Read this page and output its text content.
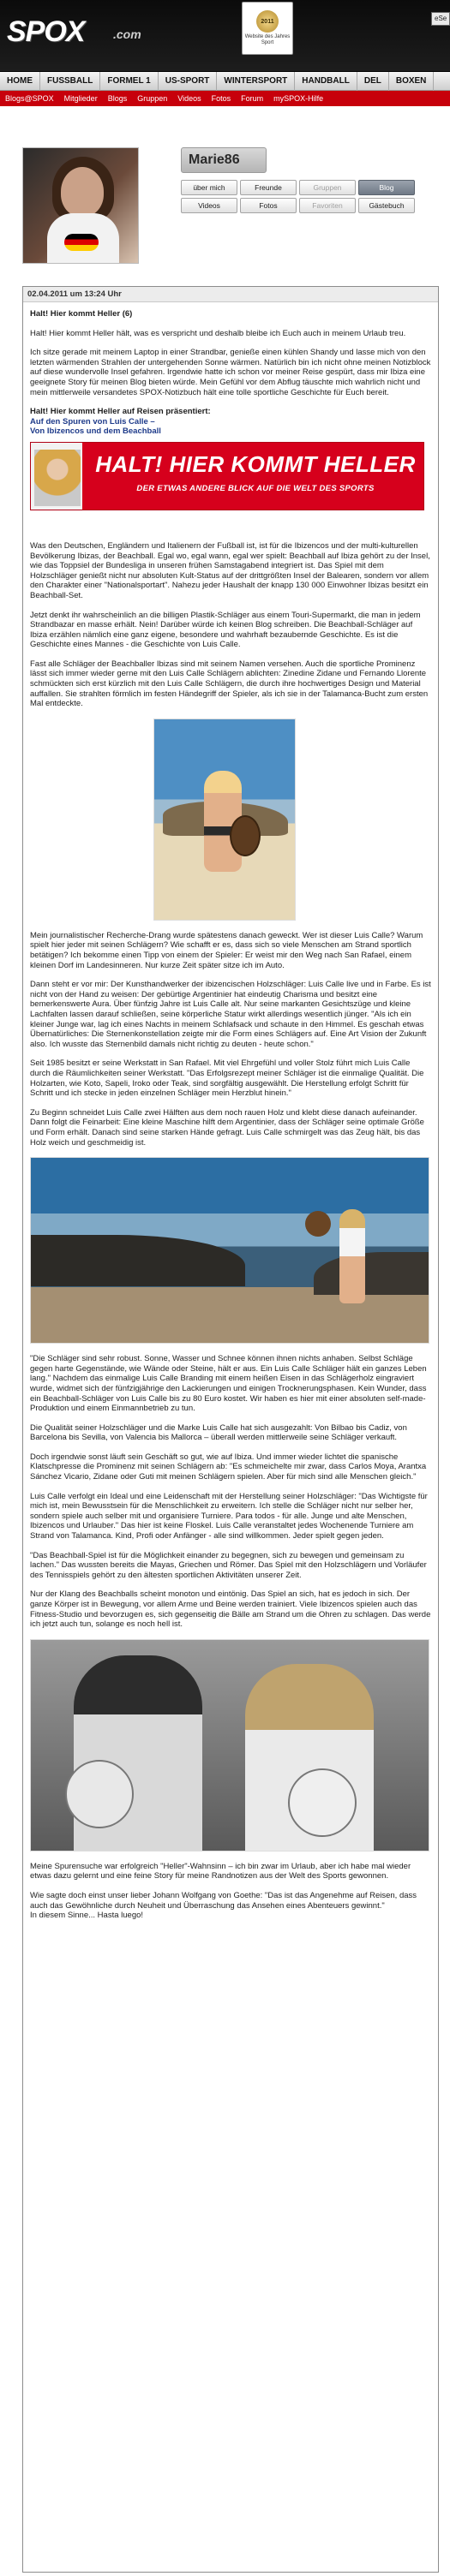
SPOX .com
2011
Website des Jahres
Sport
eSe
HOME	FUSSBALL	FORMEL 1	US-SPORT	WINTERSPORT	HANDBALL	DEL	BOXEN
Blogs@SPOX	Mitglieder	Blogs	Gruppen	Videos	Fotos	Forum	mySPOX-Hilfe
Marie86
über mich	Freunde	Gruppen	Blog
Videos	Fotos	Favoriten	Gästebuch
02.04.2011 um 13:24 Uhr

Halt! Hier kommt Heller (6)

Halt! Hier kommt Heller hält, was es verspricht und deshalb bleibe ich Euch auch in meinem Urlaub treu.

Ich sitze gerade mit meinem Laptop in einer Strandbar, genieße einen kühlen Shandy und lasse mich von den letzten wärmenden Strahlen der untergehenden Sonne wärmen. Natürlich bin ich nicht ohne meinen Notizblock auf diese wundervolle Insel gefahren. Irgendwie hatte ich schon vor meiner Reise gespürt, dass mir Ibiza eine geeignete Story für meinen Blog bieten würde. Mein Gefühl vor dem Abflug täuschte mich wahrlich nicht und mein mittlerweile versandetes SPOX-Notizbuch hält eine tolle sportliche Geschichte für Euch bereit.

Halt! Hier kommt Heller auf Reisen präsentiert:
Auf den Spuren von Luis Calle –
Von Ibizencos und dem Beachball
HALT! HIER KOMMT HELLER
DER ETWAS ANDERE BLICK AUF DIE WELT DES SPORTS

Was den Deutschen, Engländern und Italienern der Fußball ist, ist für die Ibizencos und der multi-kulturellen Bevölkerung Ibizas, der Beachball. Egal wo, egal wann, egal wer spielt: Beachball auf Ibiza gehört zu der Insel, wie das Toppsiel der Bundesliga in unseren frühen Samstagabend integriert ist. Das Spiel mit dem Holzschläger genießt nicht nur absoluten Kult-Status auf der drittgrößten Insel der Balearen, sondern vor allem den Charakter einer "Nationalsportart". Nahezu jeder Haushalt der knapp 130 000 Einwohner Ibizas besitzt ein Beachball-Set.

Jetzt denkt ihr wahrscheinlich an die billigen Plastik-Schläger aus einem Touri-Supermarkt, die man in jedem Strandbazar en masse erhält. Nein! Darüber würde ich keinen Blog schreiben. Die Beachball-Schläger auf Ibiza erzählen nämlich eine ganz eigene, besondere und wahrhaft bezaubernde Geschichte. Es ist die Geschichte eines Mannes - die Geschichte von Luis Calle.

Fast alle Schläger der Beachballer Ibizas sind mit seinem Namen versehen. Auch die sportliche Prominenz lässt sich immer wieder gerne mit den Luis Calle Schlägern ablichten: Zinedine Zidane und Fernando Llorente schmückten sich erst kürzlich mit den Luis Calle Schlägern, die durch ihre hochwertiges Design und Material auffallen. Sie strahlten förmlich im festen Händegriff der Spieler, als ich sie in der Talamanca-Bucht zum ersten Mal entdeckte.

Mein journalistischer Recherche-Drang wurde spätestens danach geweckt. Wer ist dieser Luis Calle? Warum spielt hier jeder mit seinen Schlägern? Wie schafft er es, dass sich so viele Menschen am Strand sportlich betätigen? Ich bekomme einen Tipp von einem der Spieler: Er weist mir den Weg nach San Rafael, einem kleinen Dorf im Landesinneren. Nur kurze Zeit später sitze ich im Auto.

Dann steht er vor mir: Der Kunsthandwerker der ibizencischen Holzschläger: Luis Calle live und in Farbe. Es ist nicht von der Hand zu weisen: Der gebürtige Argentinier hat eindeutig Charisma und besitzt eine bemerkenswerte Aura. Über fünfzig Jahre ist Luis Calle alt. Nur seine markanten Gesichtszüge und kleine Lachfalten lassen darauf schließen, seine körperliche Statur wirkt allerdings wesentlich jünger. "Als ich ein kleiner Junge war, lag ich eines Nachts in meinem Schlafsack und schaute in den Himmel. Es geschah etwas Übernatürliches: Die Sternenkonstellation zeigte mir die Form eines Schlägers auf. Eine Art Vision der Zukunft also. Ich wusste das Sternenbild damals nicht richtig zu deuten - heute schon."

Seit 1985 besitzt er seine Werkstatt in San Rafael. Mit viel Ehrgefühl und voller Stolz führt mich Luis Calle durch die Räumlichkeiten seiner Werkstatt. "Das Erfolgsrezept meiner Schläger ist die einmalige Qualität. Die Holzarten, wie Koto, Sapeli, Iroko oder Teak, sind sorgfältig ausgewählt. Die Herstellung erfolgt Schritt für Schritt und ich stecke in jeden einzelnen Schläger mein Herzblut hinein."

Zu Beginn schneidet Luis Calle zwei Hälften aus dem noch rauen Holz und klebt diese danach aufeinander. Dann folgt die Feinarbeit: Eine kleine Maschine hilft dem Argentinier, dass der Schläger seine optimale Größe und Form erhält. Danach sind seine starken Hände gefragt. Luis Calle schmirgelt was das Zeug hält, bis das Holz weich und geschmeidig ist.

"Die Schläger sind sehr robust. Sonne, Wasser und Schnee können ihnen nichts anhaben. Selbst Schläge gegen harte Gegenstände, wie Wände oder Steine, hält er aus. Ein Luis Calle Schläger hält ein ganzes Leben lang." Nachdem das einmalige Luis Calle Branding mit einem heißen Eisen in das Schlägerholz eingraviert wurde, widmet sich der fünfzigjährige den Lackierungen und einigen Trocknerungsphasen. Kein Wunder, dass ein Beachball-Schläger von Luis Calle bis zu 80 Euro kostet. Wir haben es hier mit einer absoluten self-made-Produktion und einem Einmannbetrieb zu tun.

Die Qualität seiner Holzschläger und die Marke Luis Calle hat sich ausgezahlt: Von Bilbao bis Cadiz, von Barcelona bis Sevilla, von Valencia bis Mallorca – überall werden mittlerweile seine Schläger verkauft.

Doch irgendwie sonst läuft sein Geschäft so gut, wie auf Ibiza. Und immer wieder lichtet die spanische Klatschpresse die Prominenz mit seinen Schlägern ab: "Es schmeichelte mir zwar, dass Carlos Moya, Arantxa Sánchez Vicario, Zidane oder Guti mit meinen Schlägern spielen. Aber für mich sind alle Menschen gleich."

Luis Calle verfolgt ein Ideal und eine Leidenschaft mit der Herstellung seiner Holzschläger: "Das Wichtigste für mich ist, mein Bewusstsein für die Menschlichkeit zu erweitern. Ich stelle die Schläger nicht nur selber her, sondern spiele auch selber mit und organisiere Turniere. Para todos - für alle. Junge und alte Menschen, Ibizencos und Urlauber." Das hier ist keine Floskel. Luis Calle veranstaltet jedes Wochenende Turniere am Strand von Talamanca. Kind, Profi oder Anfänger - alle sind willkommen. Jeder spielt gegen jeden.

"Das Beachball-Spiel ist für die Möglichkeit einander zu begegnen, sich zu bewegen und gemeinsam zu lachen." Das wussten bereits die Mayas, Griechen und Römer. Das Spiel mit den Holzschlägern und Vorläufer des Tennisspiels gehört zu den ältesten sportlichen Aktivitäten unserer Zeit.

Nur der Klang des Beachballs scheint monoton und eintönig. Das Spiel an sich, hat es jedoch in sich. Der ganze Körper ist in Bewegung, vor allem Arme und Beine werden trainiert. Viele Ibizencos spielen auch das Fitness-Studio und bevorzugen es, sich gegenseitig die Bälle am Strand um die Ohren zu schlagen. Das werde ich jetzt auch tun, solange es noch hell ist.

Meine Spurensuche war erfolgreich "Heller"-Wahnsinn – ich bin zwar im Urlaub, aber ich habe mal wieder etwas dazu gelernt und eine feine Story für meine Randnotizen aus der Welt des Sports gewonnen.

Wie sagte doch einst unser lieber Johann Wolfgang von Goethe: "Das ist das Angenehme auf Reisen, dass auch das Gewöhnliche durch Neuheit und Überraschung das Ansehen eines Abenteuers gewinnt."
In diesem Sinne... Hasta luego!
